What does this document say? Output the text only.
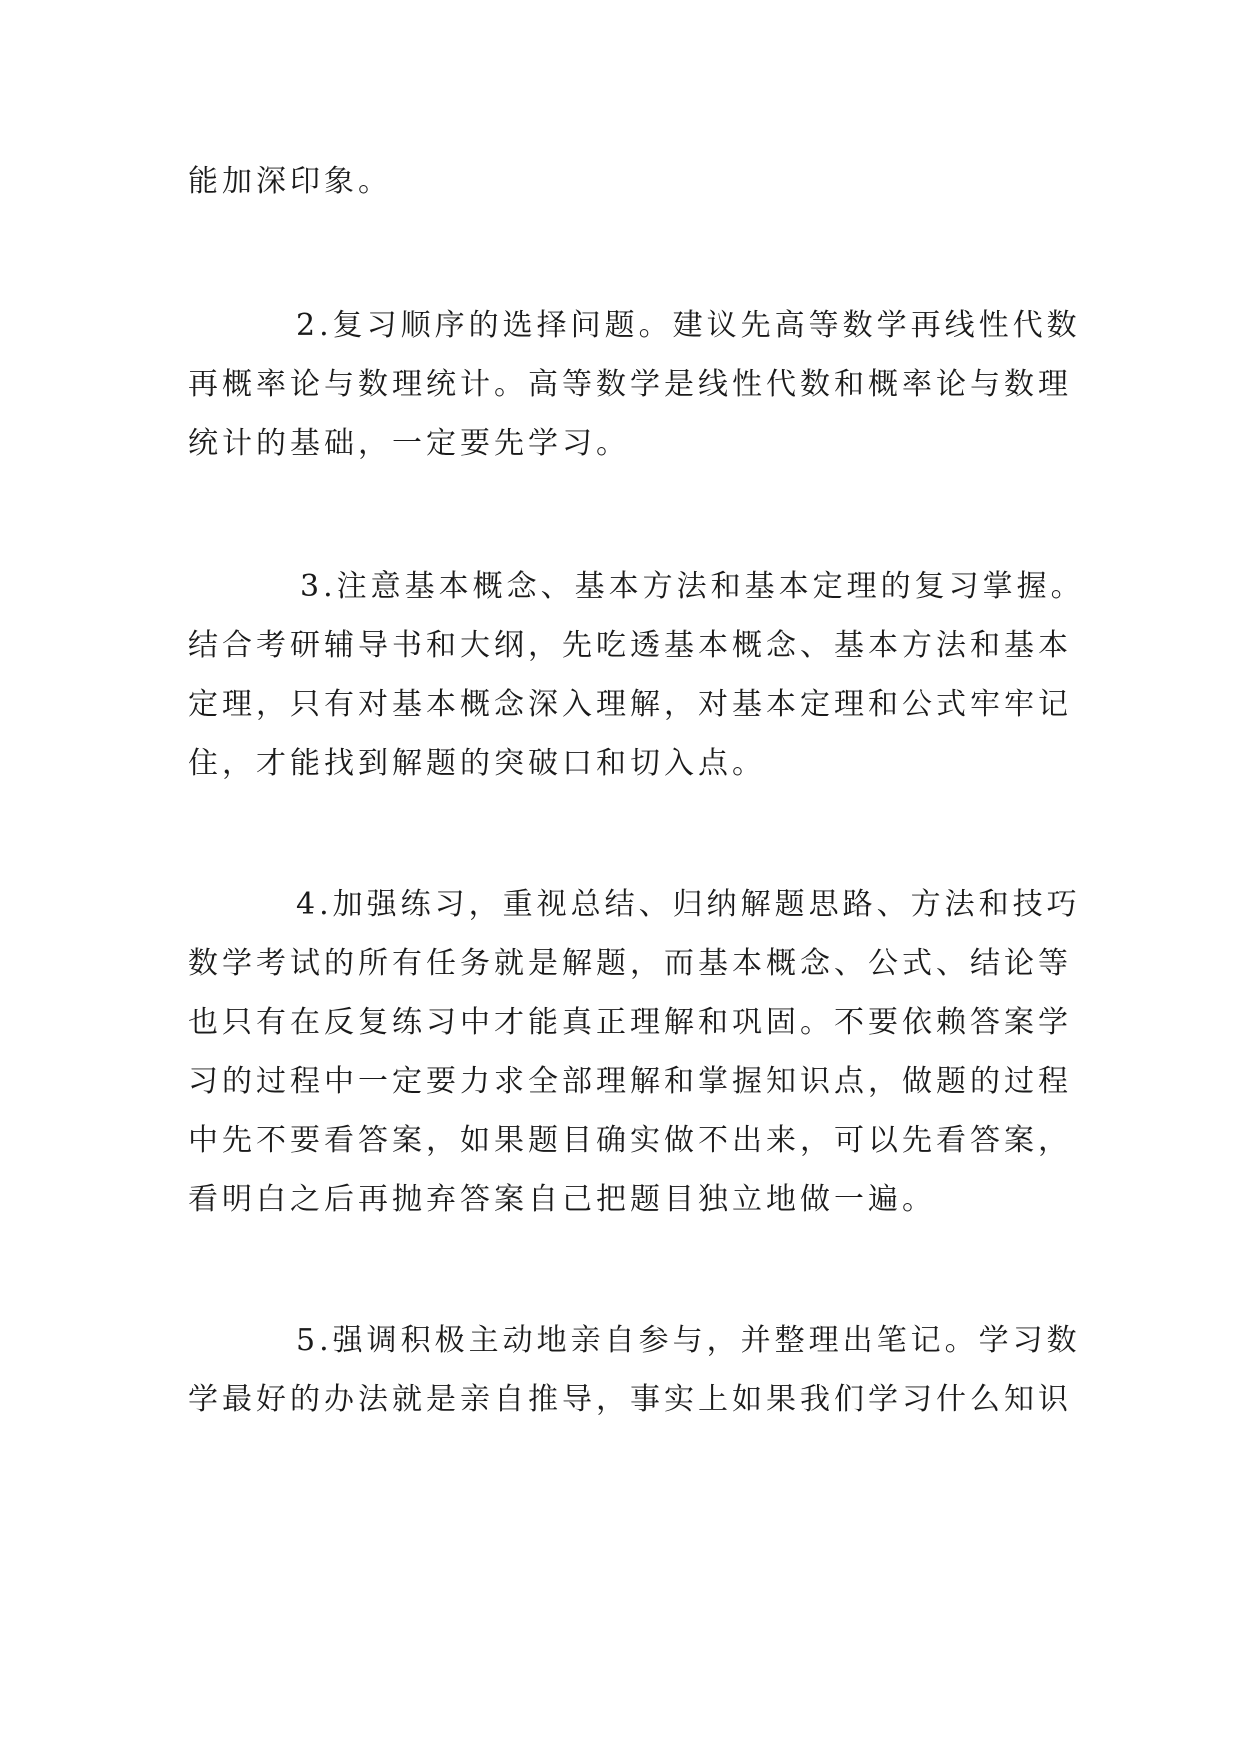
能加深印象。

2.复习顺序的选择问题。建议先高等数学再线性代数
再概率论与数理统计。高等数学是线性代数和概率论与数理
统计的基础，一定要先学习。

3.注意基本概念、基本方法和基本定理的复习掌握。
结合考研辅导书和大纲，先吃透基本概念、基本方法和基本
定理，只有对基本概念深入理解，对基本定理和公式牢牢记
住，才能找到解题的突破口和切入点。

4.加强练习，重视总结、归纳解题思路、方法和技巧
数学考试的所有任务就是解题，而基本概念、公式、结论等
也只有在反复练习中才能真正理解和巩固。不要依赖答案学
习的过程中一定要力求全部理解和掌握知识点，做题的过程
中先不要看答案，如果题目确实做不出来，可以先看答案，
看明白之后再抛弃答案自己把题目独立地做一遍。

5.强调积极主动地亲自参与，并整理出笔记。学习数
学最好的办法就是亲自推导，事实上如果我们学习什么知识
